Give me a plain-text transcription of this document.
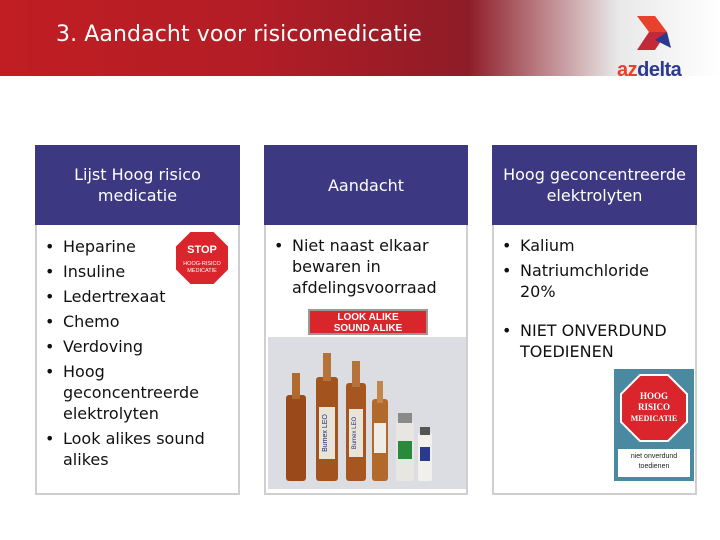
3. Aandacht voor risicomedicatie
azdelta
Lijst Hoog risico medicatie
• Heparine
• Insuline
• Ledertrexaat
• Chemo
• Verdoving
• Hoog geconcentreerde elektrolyten
• Look alikes sound alikes
STOP
HOOG-RISICO
MEDICATIE
Aandacht
• Niet naast elkaar bewaren in afdelingsvoorraad
LOOK ALIKE
SOUND ALIKE
Bumex LEO	Bumex LEO
Hoog geconcentreerde elektrolyten
• Kalium
• Natriumchloride 20%
• NIET ONVERDUND TOEDIENEN
HOOG
RISICO
MEDICATIE
niet onverdund
toedienen
